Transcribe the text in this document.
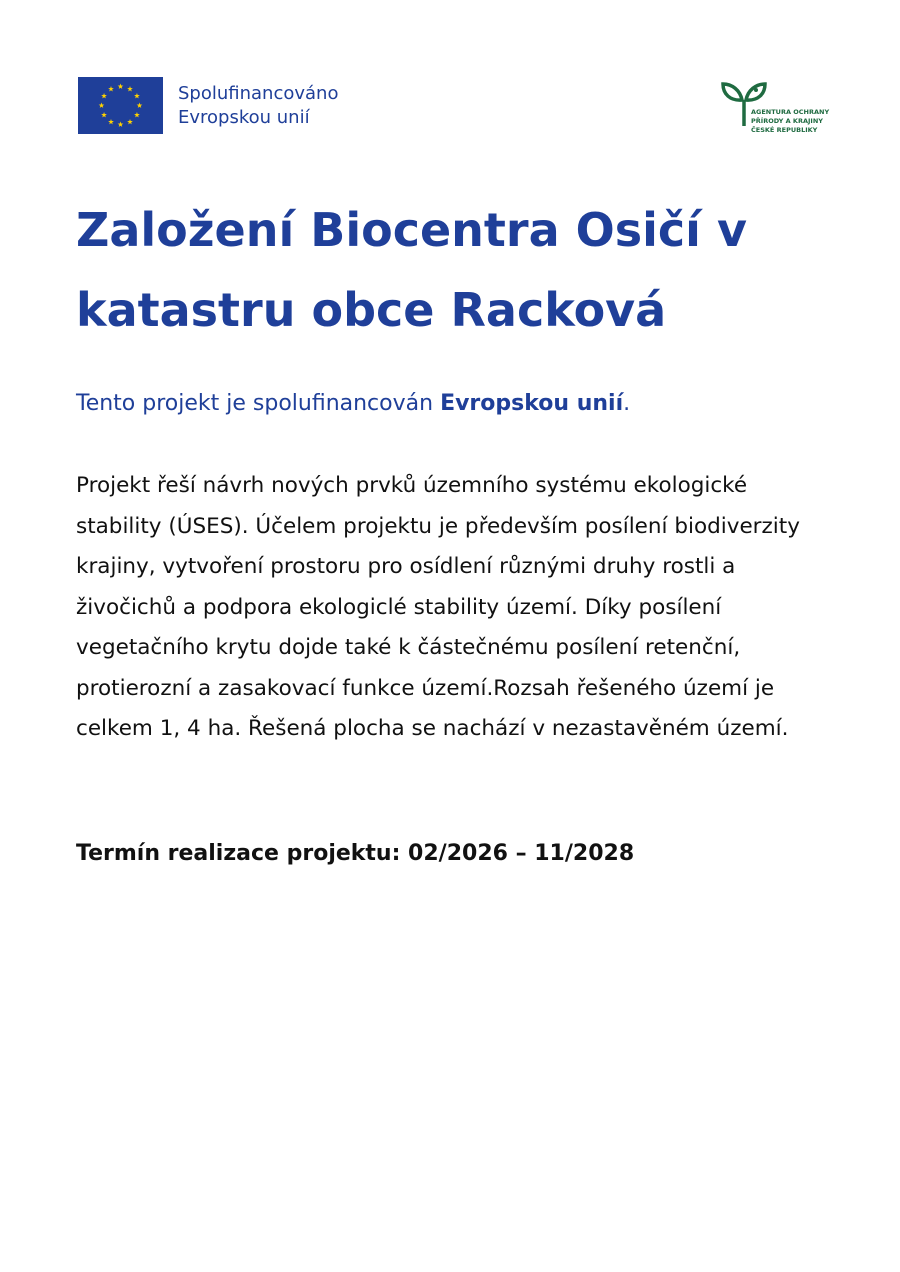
Spolufinancováno
Evropskou unií	AGENTURA OCHRANY
PŘÍRODY A KRAJINY
ČESKÉ REPUBLIKY
Založení Biocentra Osičí v katastru obce Racková

Tento projekt je spolufinancován Evropskou unií.

Projekt řeší návrh nových prvků územního systému ekologické stability (ÚSES). Účelem projektu je především posílení biodiverzity krajiny, vytvoření prostoru pro osídlení různými druhy rostli a živočichů a podpora ekologiclé stability území. Díky posílení vegetačního krytu dojde také k částečnému posílení retenční, protierozní a zasakovací funkce území.Rozsah řešeného území je celkem 1, 4 ha. Řešená plocha se nachází v nezastavěném území.

Termín realizace projektu: 02/2026 – 11/2028
